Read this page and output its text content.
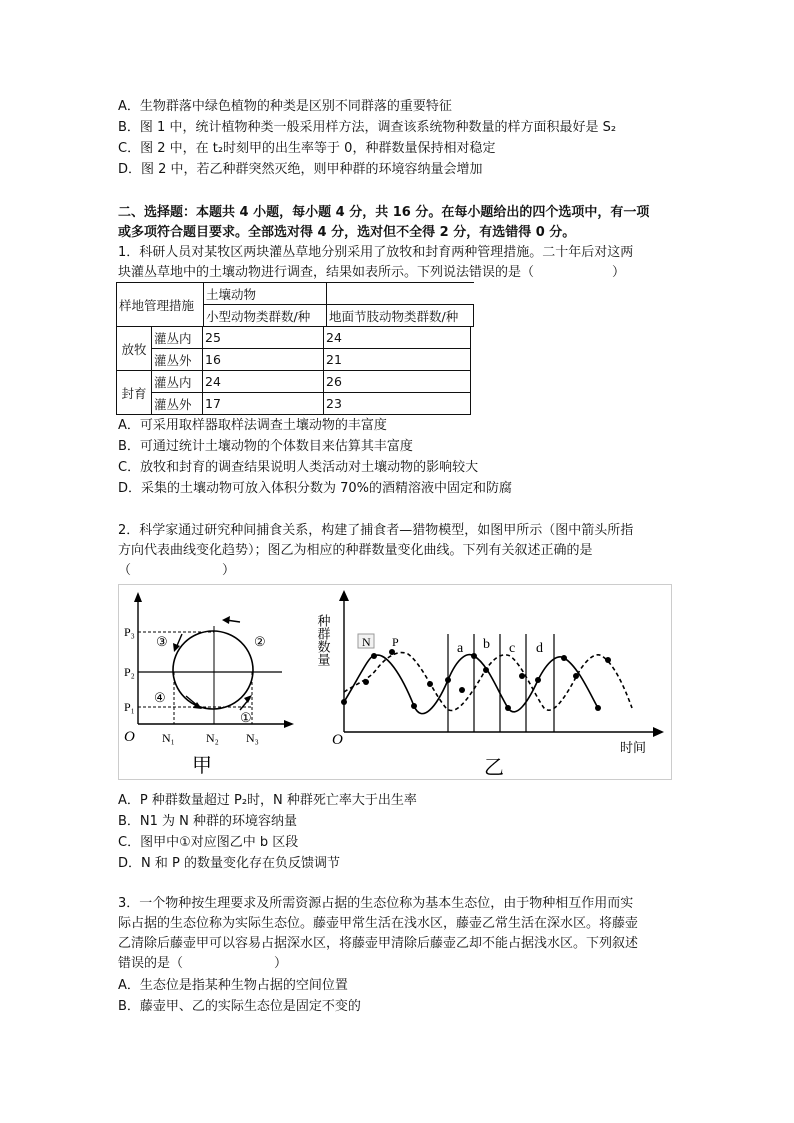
A．生物群落中绿色植物的种类是区别不同群落的重要特征
B．图 1 中，统计植物种类一般采用样方法，调查该系统物种数量的样方面积最好是 S₂
C．图 2 中，在 t₂时刻甲的出生率等于 0，种群数量保持相对稳定
D．图 2 中，若乙种群突然灭绝，则甲种群的环境容纳量会增加
二、选择题：本题共 4 小题，每小题 4 分，共 16 分。在每小题给出的四个选项中，有一项
或多项符合题目要求。全部选对得 4 分，选对但不全得 2 分，有选错得 0 分。
1．科研人员对某牧区两块灌丛草地分别采用了放牧和封育两种管理措施。二十年后对这两
块灌丛草地中的土壤动物进行调查，结果如表所示。下列说法错误的是（　　　　　　）
样地管理措施	土壤动物	
	小型动物类群数/种	地面节肢动物类群数/种
放牧	灌丛内	25	24
	灌丛外	16	21
封育	灌丛内	24	26
	灌丛外	17	23
A．可采用取样器取样法调查土壤动物的丰富度
B．可通过统计土壤动物的个体数目来估算其丰富度
C．放牧和封育的调查结果说明人类活动对土壤动物的影响较大
D．采集的土壤动物可放入体积分数为 70%的酒精溶液中固定和防腐
2．科学家通过研究种间捕食关系，构建了捕食者—猎物模型，如图甲所示（图中箭头所指
方向代表曲线变化趋势）；图乙为相应的种群数量变化曲线。下列有关叙述正确的是
（　　　　　　　）
P₃
P₂
P₁
N₁	N₂ N₃
O
①
②
③
④
甲
种群数量
时间
O
N P	a b c d
乙
A．P 种群数量超过 P₂时，N 种群死亡率大于出生率
B．N1 为 N 种群的环境容纳量
C．图甲中①对应图乙中 b 区段
D．N 和 P 的数量变化存在负反馈调节
3．一个物种按生理要求及所需资源占据的生态位称为基本生态位，由于物种相互作用而实
际占据的生态位称为实际生态位。藤壶甲常生活在浅水区，藤壶乙常生活在深水区。将藤壶
乙清除后藤壶甲可以容易占据深水区，将藤壶甲清除后藤壶乙却不能占据浅水区。下列叙述
错误的是（　　　　　　　）
A．生态位是指某种生物占据的空间位置
B．藤壶甲、乙的实际生态位是固定不变的
